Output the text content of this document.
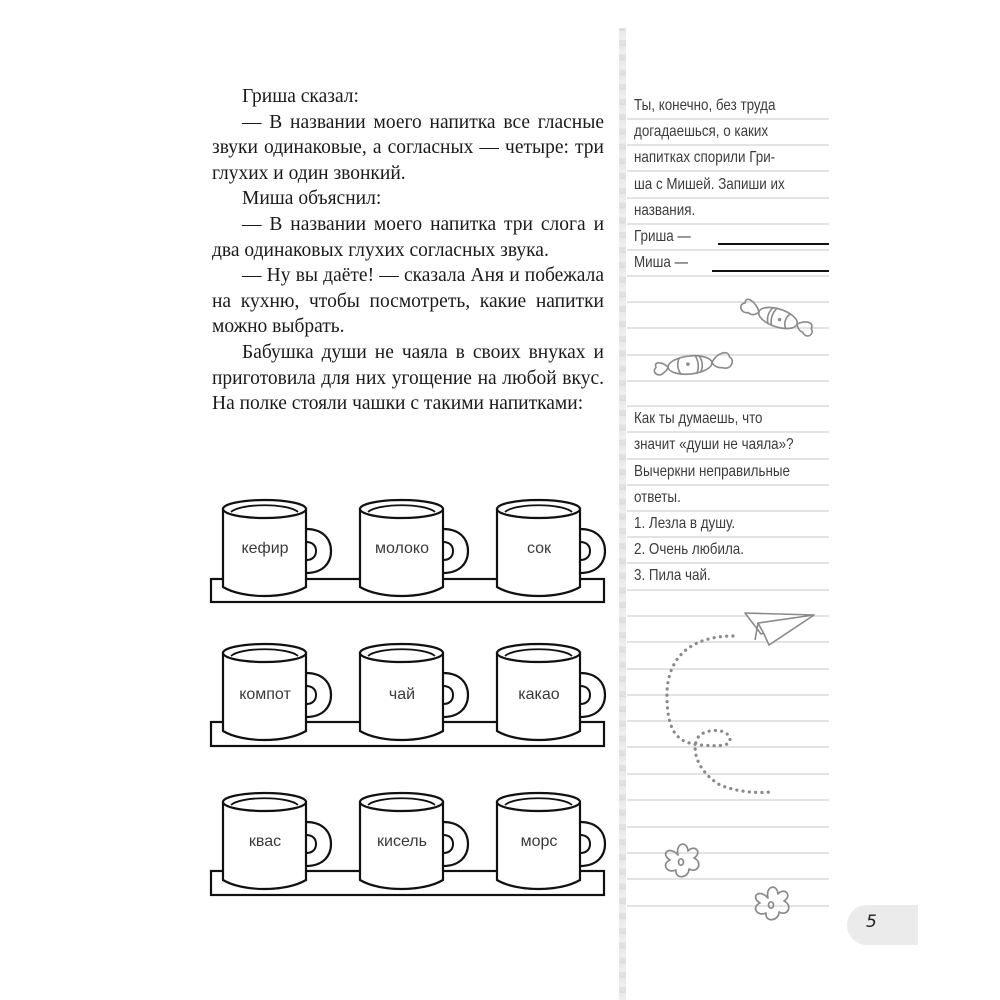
Гриша сказал:

— В названии моего напитка все гласные звуки одинаковые, а согласных — четыре: три глухих и один звонкий.

Миша объяснил:

— В названии моего напитка три слога и два одинаковых глухих согласных звука.

— Ну вы даёте! — сказала Аня и побежала на кухню, чтобы посмотреть, какие напитки можно выбрать.

Бабушка души не чаяла в своих внуках и приготовила для них угощение на любой вкус. На полке стояли чашки с такими напитками:

кефир	молоко	сок
компот	чай	какао
квас	кисель	морс
Ты, конечно, без труда
догадаешься, о каких
напитках спорили Гри-
ша с Мишей. Запиши их
названия.
Гриша —
Миша —
Как ты думаешь, что
значит «души не чаяла»?
Вычеркни неправильные
ответы.
1. Лезла в душу.
2. Очень любила.
3. Пила чай.
5
